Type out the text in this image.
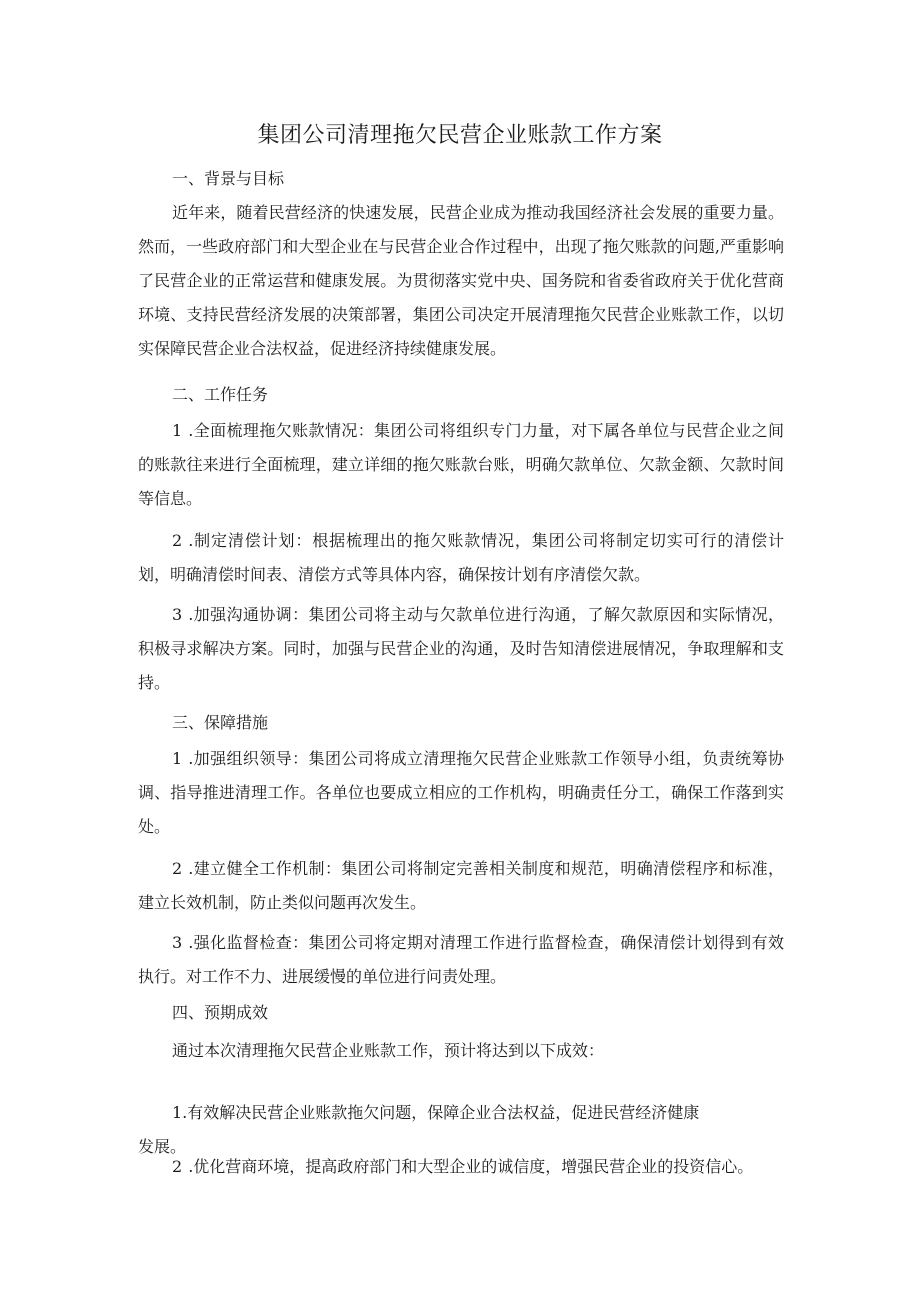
集团公司清理拖欠民营企业账款工作方案

一、背景与目标

近年来，随着民营经济的快速发展，民营企业成为推动我国经济社会发展的重要力量。然而，一些政府部门和大型企业在与民营企业合作过程中，出现了拖欠账款的问题,严重影响了民营企业的正常运营和健康发展。为贯彻落实党中央、国务院和省委省政府关于优化营商环境、支持民营经济发展的决策部署，集团公司决定开展清理拖欠民营企业账款工作，以切实保障民营企业合法权益，促进经济持续健康发展。

二、工作任务

1.全面梳理拖欠账款情况：集团公司将组织专门力量，对下属各单位与民营企业之间的账款往来进行全面梳理，建立详细的拖欠账款台账，明确欠款单位、欠款金额、欠款时间等信息。

2.制定清偿计划：根据梳理出的拖欠账款情况，集团公司将制定切实可行的清偿计划，明确清偿时间表、清偿方式等具体内容，确保按计划有序清偿欠款。

3.加强沟通协调：集团公司将主动与欠款单位进行沟通，了解欠款原因和实际情况，积极寻求解决方案。同时，加强与民营企业的沟通，及时告知清偿进展情况，争取理解和支持。

三、保障措施

1.加强组织领导：集团公司将成立清理拖欠民营企业账款工作领导小组，负责统筹协调、指导推进清理工作。各单位也要成立相应的工作机构，明确责任分工，确保工作落到实处。

2.建立健全工作机制：集团公司将制定完善相关制度和规范，明确清偿程序和标准，建立长效机制，防止类似问题再次发生。

3.强化监督检查：集团公司将定期对清理工作进行监督检查，确保清偿计划得到有效执行。对工作不力、进展缓慢的单位进行问责处理。

四、预期成效

通过本次清理拖欠民营企业账款工作，预计将达到以下成效：

1.有效解决民营企业账款拖欠问题，保障企业合法权益，促进民营经济健康

发展。

2.优化营商环境，提高政府部门和大型企业的诚信度，增强民营企业的投资信心。
